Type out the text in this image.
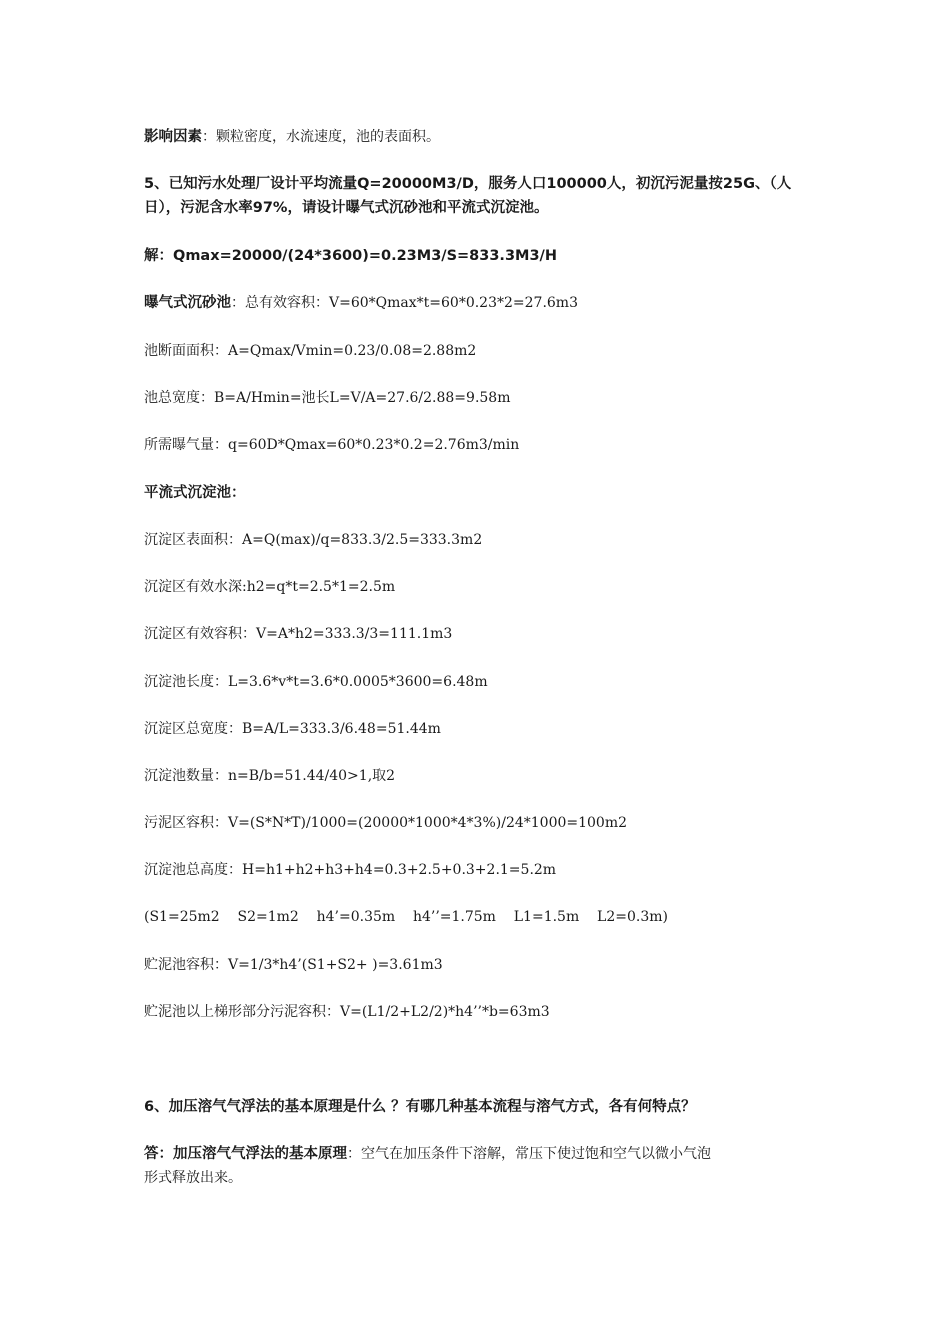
影响因素：颗粒密度，水流速度，池的表面积。
5、已知污水处理厂设计平均流量Q=20000M3/D，服务人口100000人，初沉污泥量按25G、（人
日），污泥含水率97%，请设计曝气式沉砂池和平流式沉淀池。
解：Qmax=20000/(24*3600)=0.23M3/S=833.3M3/H
曝气式沉砂池：总有效容积：V=60*Qmax*t=60*0.23*2=27.6m3
池断面面积：A=Qmax/Vmin=0.23/0.08=2.88m2
池总宽度：B=A/Hmin=池长L=V/A=27.6/2.88=9.58m
所需曝气量：q=60D*Qmax=60*0.23*0.2=2.76m3/min
平流式沉淀池：
沉淀区表面积：A=Q(max)/q=833.3/2.5=333.3m2
沉淀区有效水深:h2=q*t=2.5*1=2.5m
沉淀区有效容积：V=A*h2=333.3/3=111.1m3
沉淀池长度：L=3.6*v*t=3.6*0.0005*3600=6.48m
沉淀区总宽度：B=A/L=333.3/6.48=51.44m
沉淀池数量：n=B/b=51.44/40>1,取2
污泥区容积：V=(S*N*T)/1000=(20000*1000*4*3%)/24*1000=100m2
沉淀池总高度：H=h1+h2+h3+h4=0.3+2.5+0.3+2.1=5.2m
(S1=25m2    S2=1m2    h4’=0.35m    h4’’=1.75m    L1=1.5m    L2=0.3m)
贮泥池容积：V=1/3*h4’(S1+S2+ )=3.61m3
贮泥池以上梯形部分污泥容积：V=(L1/2+L2/2)*h4’’*b=63m3
6、加压溶气气浮法的基本原理是什么 ？有哪几种基本流程与溶气方式，各有何特点？
答：加压溶气气浮法的基本原理：空气在加压条件下溶解，常压下使过饱和空气以微小气泡
形式释放出来。
